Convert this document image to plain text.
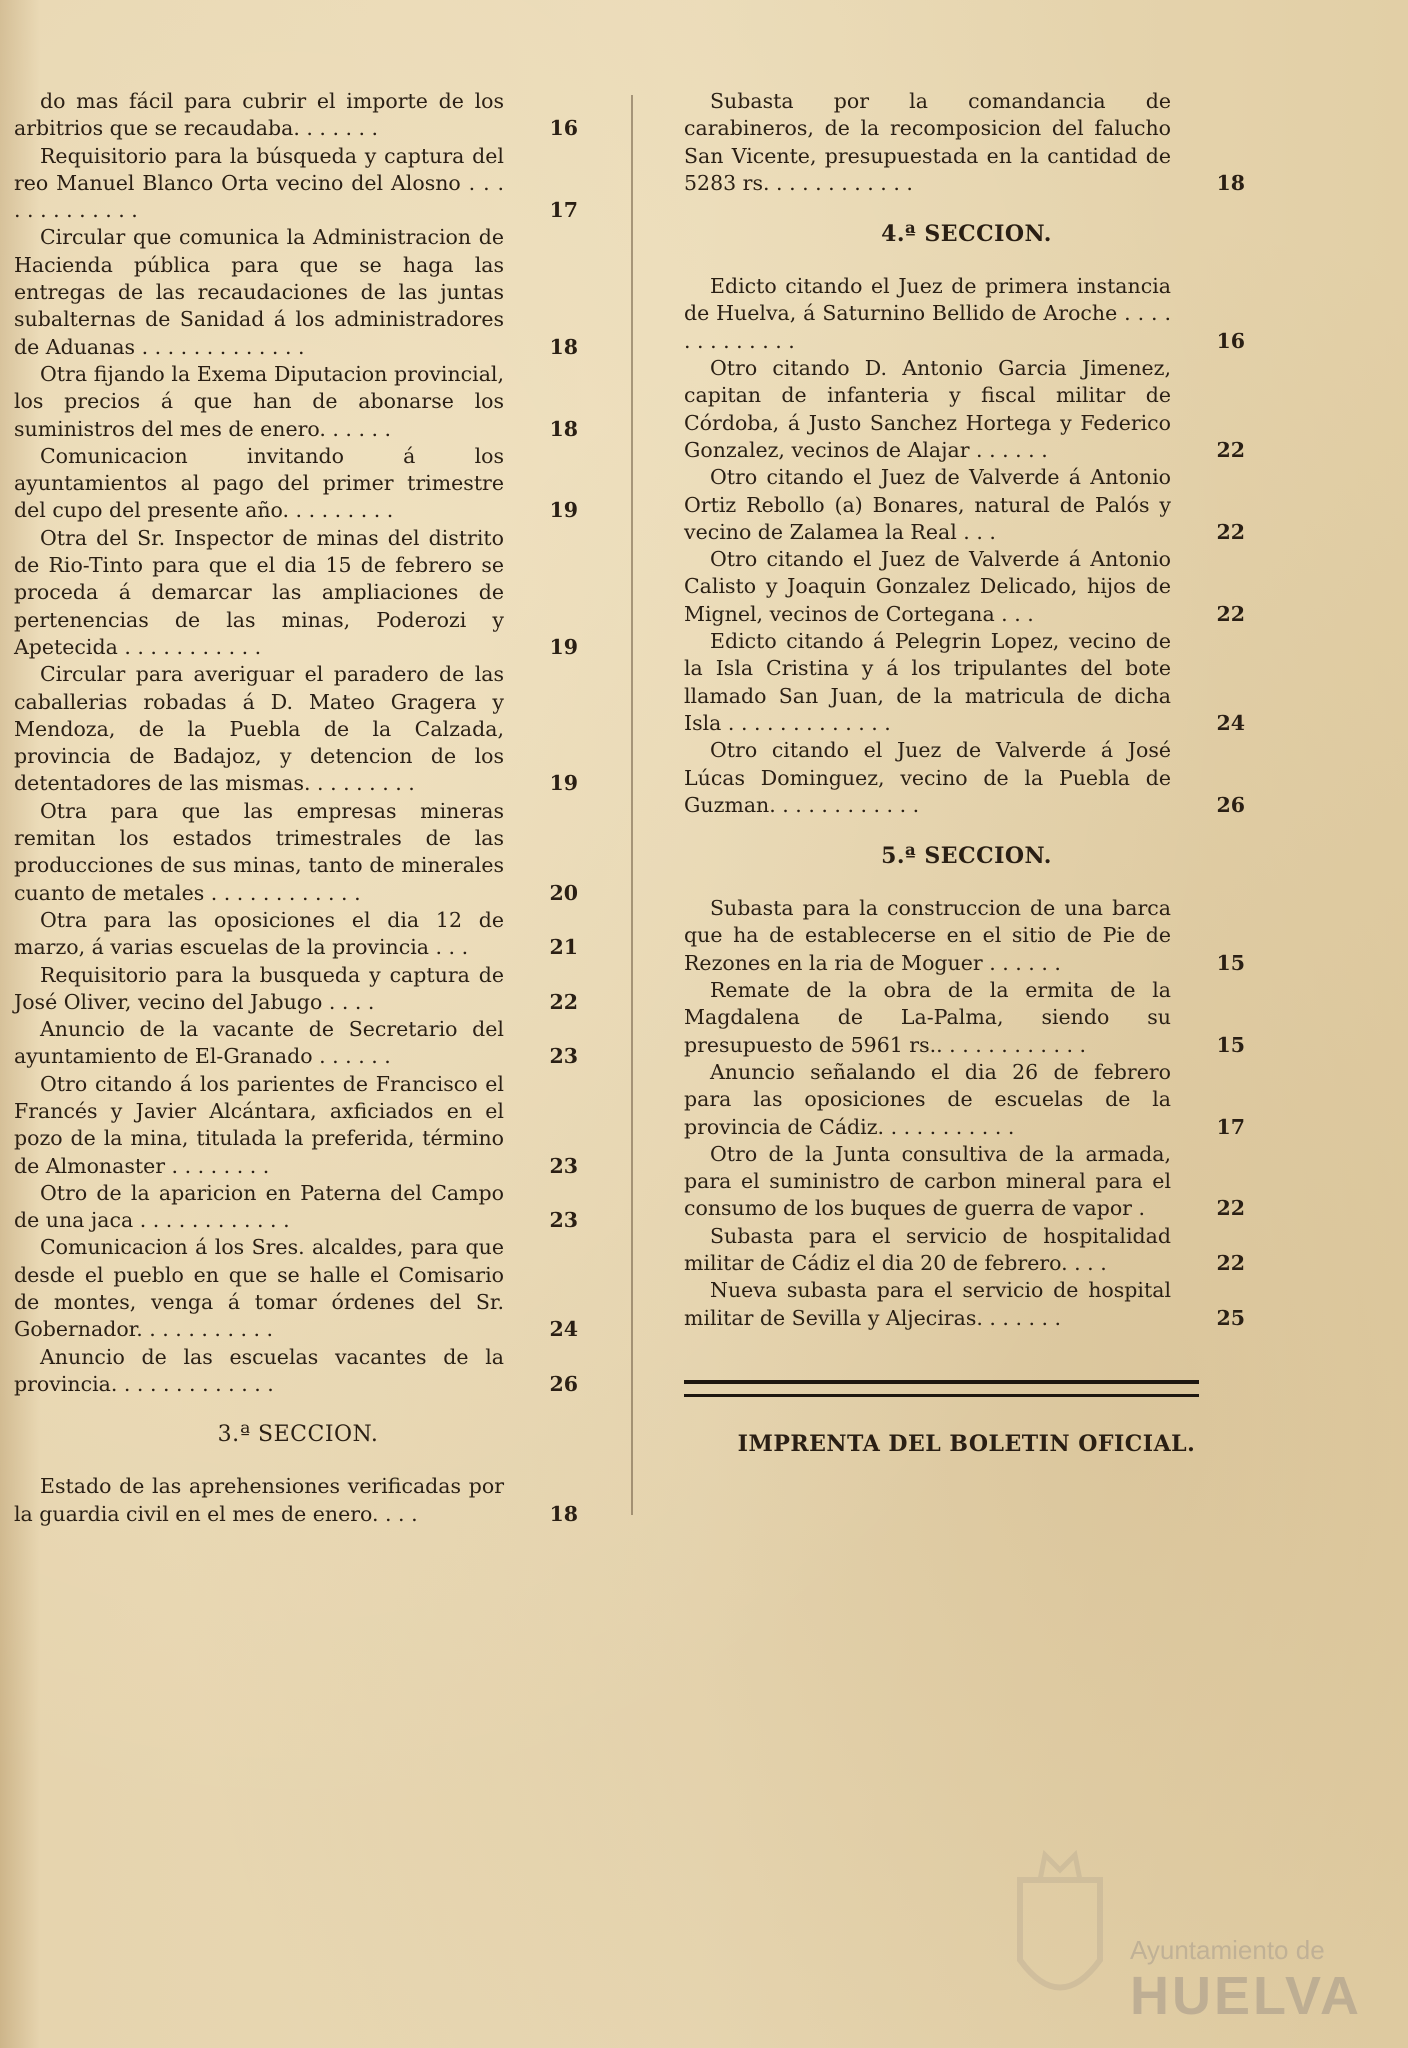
do mas fácil para cubrir el importe de los arbitrios que se recaudaba. . . . . . .	16
Requisitorio para la búsqueda y captura del reo Manuel Blanco Orta vecino del Alosno . . . . . . . . . . . . .	17
Circular que comunica la Administracion de Hacienda pública para que se haga las entregas de las recaudaciones de las juntas subalternas de Sanidad á los administradores de Aduanas . . . . . . . . . . . . .	18
Otra fijando la Exema Diputacion provincial, los precios á que han de abonarse los suministros del mes de enero. . . . . .	18
Comunicacion invitando á los ayuntamientos al pago del primer trimestre del cupo del presente año. . . . . . . . .	19
Otra del Sr. Inspector de minas del distrito de Rio-Tinto para que el dia 15 de febrero se proceda á demarcar las ampliaciones de pertenencias de las minas, Poderozi y Apetecida . . . . . . . . . . .	19
Circular para averiguar el paradero de las caballerias robadas á D. Mateo Gragera y Mendoza, de la Puebla de la Calzada, provincia de Badajoz, y detencion de los detentadores de las mismas. . . . . . . . .	19
Otra para que las empresas mineras remitan los estados trimestrales de las producciones de sus minas, tanto de minerales cuanto de metales . . . . . . . . . . . .	20
Otra para las oposiciones el dia 12 de marzo, á varias escuelas de la provincia . . .	21
Requisitorio para la busqueda y captura de José Oliver, vecino del Jabugo . . . .	22
Anuncio de la vacante de Secretario del ayuntamiento de El-Granado . . . . . .	23
Otro citando á los parientes de Francisco el Francés y Javier Alcántara, axficiados en el pozo de la mina, titulada la preferida, término de Almonaster . . . . . . . .	23
Otro de la aparicion en Paterna del Campo de una jaca . . . . . . . . . . . .	23
Comunicacion á los Sres. alcaldes, para que desde el pueblo en que se halle el Comisario de montes, venga á tomar órdenes del Sr. Gobernador. . . . . . . . . . .	24
Anuncio de las escuelas vacantes de la provincia. . . . . . . . . . . . .	26
3.ª SECCION.
Estado de las aprehensiones verificadas por la guardia civil en el mes de enero. . . .	18
Subasta por la comandancia de carabineros, de la recomposicion del falucho San Vicente, presupuestada en la cantidad de 5283 rs. . . . . . . . . . . .	18
4.ª SECCION.
Edicto citando el Juez de primera instancia de Huelva, á Saturnino Bellido de Aroche . . . . . . . . . . . . .	16
Otro citando D. Antonio Garcia Jimenez, capitan de infanteria y fiscal militar de Córdoba, á Justo Sanchez Hortega y Federico Gonzalez, vecinos de Alajar . . . . . .	22
Otro citando el Juez de Valverde á Antonio Ortiz Rebollo (a) Bonares, natural de Palós y vecino de Zalamea la Real . . .	22
Otro citando el Juez de Valverde á Antonio Calisto y Joaquin Gonzalez Delicado, hijos de Mignel, vecinos de Cortegana . . .	22
Edicto citando á Pelegrin Lopez, vecino de la Isla Cristina y á los tripulantes del bote llamado San Juan, de la matricula de dicha Isla . . . . . . . . . . . . .	24
Otro citando el Juez de Valverde á José Lúcas Dominguez, vecino de la Puebla de Guzman. . . . . . . . . . . .	26
5.ª SECCION.
Subasta para la construccion de una barca que ha de establecerse en el sitio de Pie de Rezones en la ria de Moguer . . . . . .	15
Remate de la obra de la ermita de la Magdalena de La-Palma, siendo su presupuesto de 5961 rs.. . . . . . . . . . . .	15
Anuncio señalando el dia 26 de febrero para las oposiciones de escuelas de la provincia de Cádiz. . . . . . . . . . .	17
Otro de la Junta consultiva de la armada, para el suministro de carbon mineral para el consumo de los buques de guerra de vapor .	22
Subasta para el servicio de hospitalidad militar de Cádiz el dia 20 de febrero. . . .	22
Nueva subasta para el servicio de hospital militar de Sevilla y Aljeciras. . . . . . .	25
IMPRENTA DEL BOLETIN OFICIAL.
Ayuntamiento de
HUELVA
